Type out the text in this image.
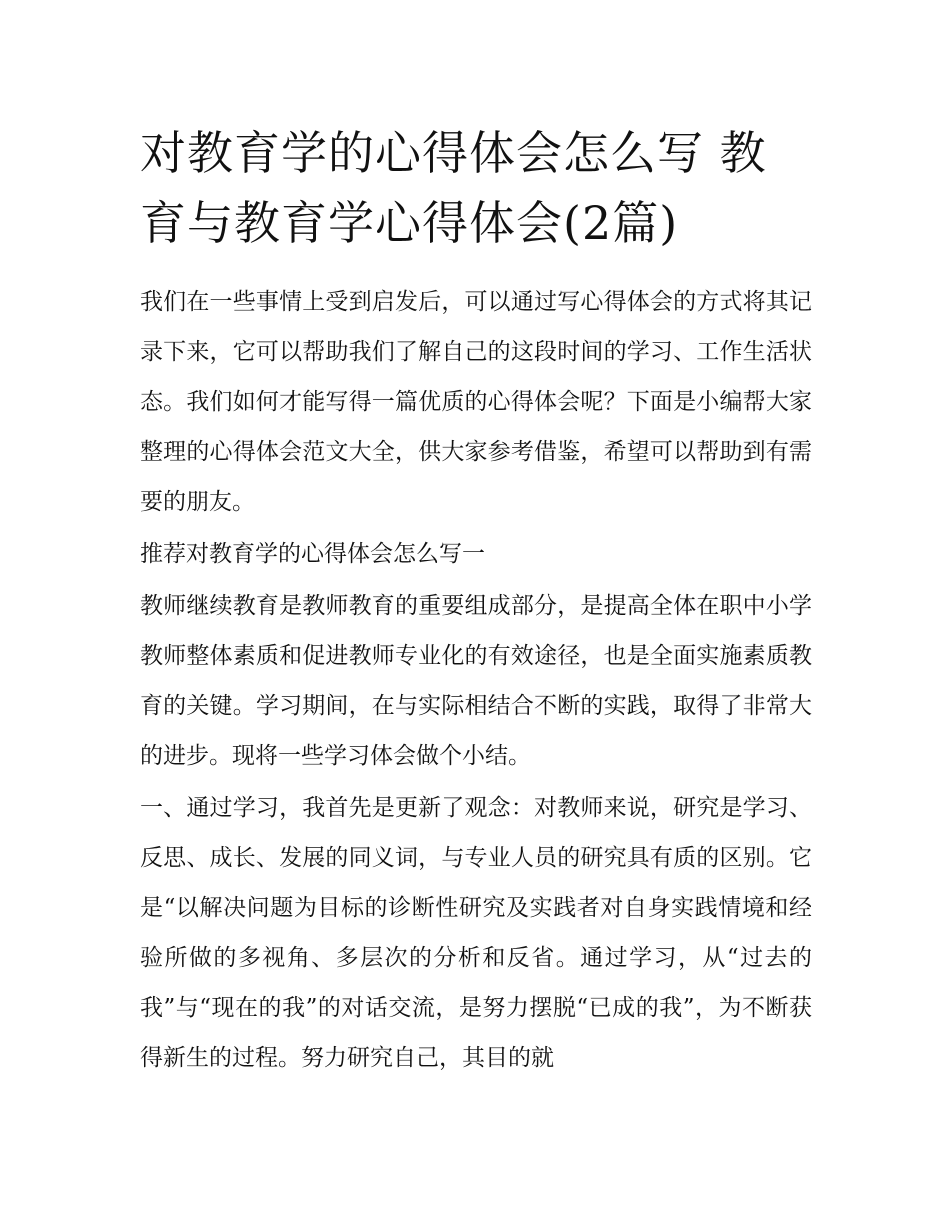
对教育学的心得体会怎么写 教育与教育学心得体会(2篇)

我们在一些事情上受到启发后，可以通过写心得体会的方式将其记录下来，它可以帮助我们了解自己的这段时间的学习、工作生活状态。我们如何才能写得一篇优质的心得体会呢？下面是小编帮大家整理的心得体会范文大全，供大家参考借鉴，希望可以帮助到有需要的朋友。

推荐对教育学的心得体会怎么写一

教师继续教育是教师教育的重要组成部分，是提高全体在职中小学教师整体素质和促进教师专业化的有效途径，也是全面实施素质教育的关键。学习期间，在与实际相结合不断的实践，取得了非常大的进步。现将一些学习体会做个小结。

一、通过学习，我首先是更新了观念：对教师来说，研究是学习、反思、成长、发展的同义词，与专业人员的研究具有质的区别。它是“以解决问题为目标的诊断性研究及实践者对自身实践情境和经验所做的多视角、多层次的分析和反省。通过学习，从“过去的我”与“现在的我”的对话交流，是努力摆脱“已成的我”，为不断获得新生的过程。努力研究自己，其目的就
